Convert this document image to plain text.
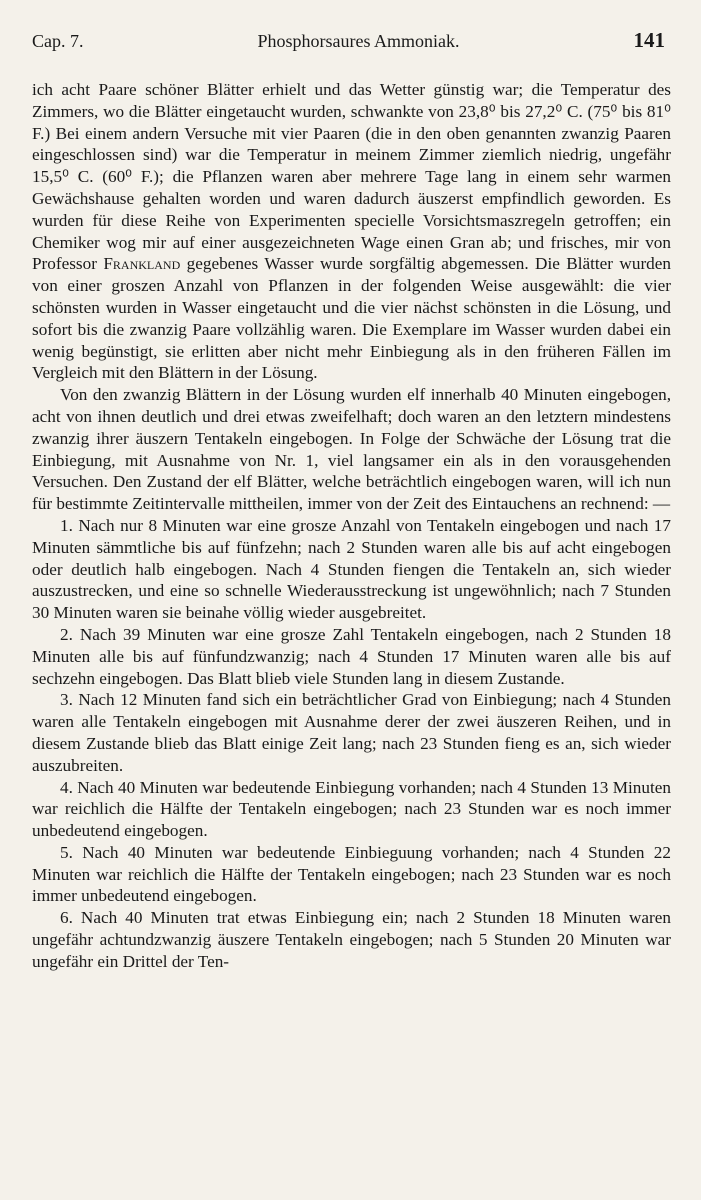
Cap. 7.	Phosphorsaures Ammoniak.	141

ich acht Paare schöner Blätter erhielt und das Wetter günstig war; die Temperatur des Zimmers, wo die Blätter eingetaucht wurden, schwankte von 23,8⁰ bis 27,2⁰ C. (75⁰ bis 81⁰ F.) Bei einem andern Versuche mit vier Paaren (die in den oben genannten zwanzig Paaren eingeschlossen sind) war die Temperatur in meinem Zimmer ziemlich niedrig, ungefähr 15,5⁰ C. (60⁰ F.); die Pflanzen waren aber mehrere Tage lang in einem sehr warmen Gewächshause gehalten worden und waren dadurch äuszerst empfindlich geworden. Es wurden für diese Reihe von Experimenten specielle Vorsichtsmaszregeln getroffen; ein Chemiker wog mir auf einer ausgezeichneten Wage einen Gran ab; und frisches, mir von Professor Frankland gegebenes Wasser wurde sorgfältig abgemessen. Die Blätter wurden von einer groszen Anzahl von Pflanzen in der folgenden Weise ausgewählt: die vier schönsten wurden in Wasser eingetaucht und die vier nächst schönsten in die Lösung, und sofort bis die zwanzig Paare vollzählig waren. Die Exemplare im Wasser wurden dabei ein wenig begünstigt, sie erlitten aber nicht mehr Einbiegung als in den früheren Fällen im Vergleich mit den Blättern in der Lösung.

Von den zwanzig Blättern in der Lösung wurden elf innerhalb 40 Minuten eingebogen, acht von ihnen deutlich und drei etwas zweifelhaft; doch waren an den letztern mindestens zwanzig ihrer äuszern Tentakeln eingebogen. In Folge der Schwäche der Lösung trat die Einbiegung, mit Ausnahme von Nr. 1, viel langsamer ein als in den vorausgehenden Versuchen. Den Zustand der elf Blätter, welche beträchtlich eingebogen waren, will ich nun für bestimmte Zeitintervalle mittheilen, immer von der Zeit des Eintauchens an rechnend: —

1. Nach nur 8 Minuten war eine grosze Anzahl von Tentakeln eingebogen und nach 17 Minuten sämmtliche bis auf fünfzehn; nach 2 Stunden waren alle bis auf acht eingebogen oder deutlich halb eingebogen. Nach 4 Stunden fiengen die Tentakeln an, sich wieder auszustrecken, und eine so schnelle Wiederausstreckung ist ungewöhnlich; nach 7 Stunden 30 Minuten waren sie beinahe völlig wieder ausgebreitet.

2. Nach 39 Minuten war eine grosze Zahl Tentakeln eingebogen, nach 2 Stunden 18 Minuten alle bis auf fünfundzwanzig; nach 4 Stunden 17 Minuten waren alle bis auf sechzehn eingebogen. Das Blatt blieb viele Stunden lang in diesem Zustande.

3. Nach 12 Minuten fand sich ein beträchtlicher Grad von Einbiegung; nach 4 Stunden waren alle Tentakeln eingebogen mit Ausnahme derer der zwei äuszeren Reihen, und in diesem Zustande blieb das Blatt einige Zeit lang; nach 23 Stunden fieng es an, sich wieder auszubreiten.

4. Nach 40 Minuten war bedeutende Einbiegung vorhanden; nach 4 Stunden 13 Minuten war reichlich die Hälfte der Tentakeln eingebogen; nach 23 Stunden war es noch immer unbedeutend eingebogen.

5. Nach 40 Minuten war bedeutende Einbieguung vorhanden; nach 4 Stunden 22 Minuten war reichlich die Hälfte der Tentakeln eingebogen; nach 23 Stunden war es noch immer unbedeutend eingebogen.

6. Nach 40 Minuten trat etwas Einbiegung ein; nach 2 Stunden 18 Minuten waren ungefähr achtundzwanzig äuszere Tentakeln eingebogen; nach 5 Stunden 20 Minuten war ungefähr ein Drittel der Ten-
